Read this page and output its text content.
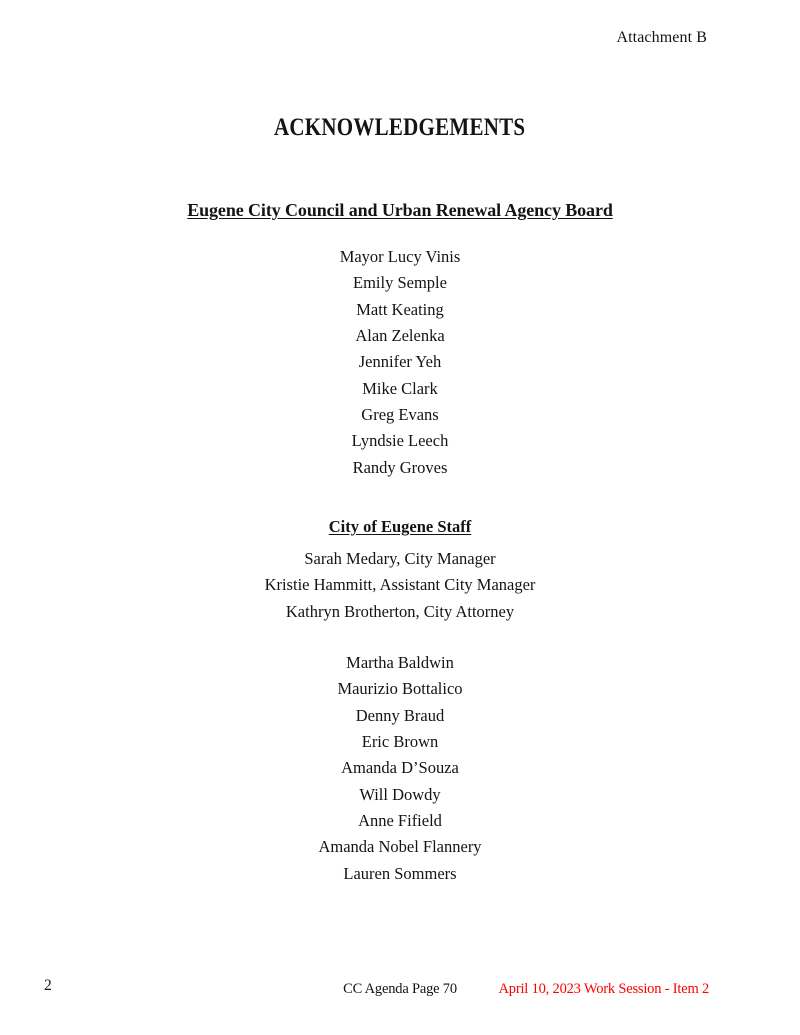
Attachment B
ACKNOWLEDGEMENTS
Eugene City Council and Urban Renewal Agency Board
Mayor Lucy Vinis
Emily Semple
Matt Keating
Alan Zelenka
Jennifer Yeh
Mike Clark
Greg Evans
Lyndsie Leech
Randy Groves
City of Eugene Staff
Sarah Medary, City Manager
Kristie Hammitt, Assistant City Manager
Kathryn Brotherton, City Attorney
Martha Baldwin
Maurizio Bottalico
Denny Braud
Eric Brown
Amanda D’Souza
Will Dowdy
Anne Fifield
Amanda Nobel Flannery
Lauren Sommers
2	CC Agenda Page 70	April 10, 2023 Work Session - Item 2
